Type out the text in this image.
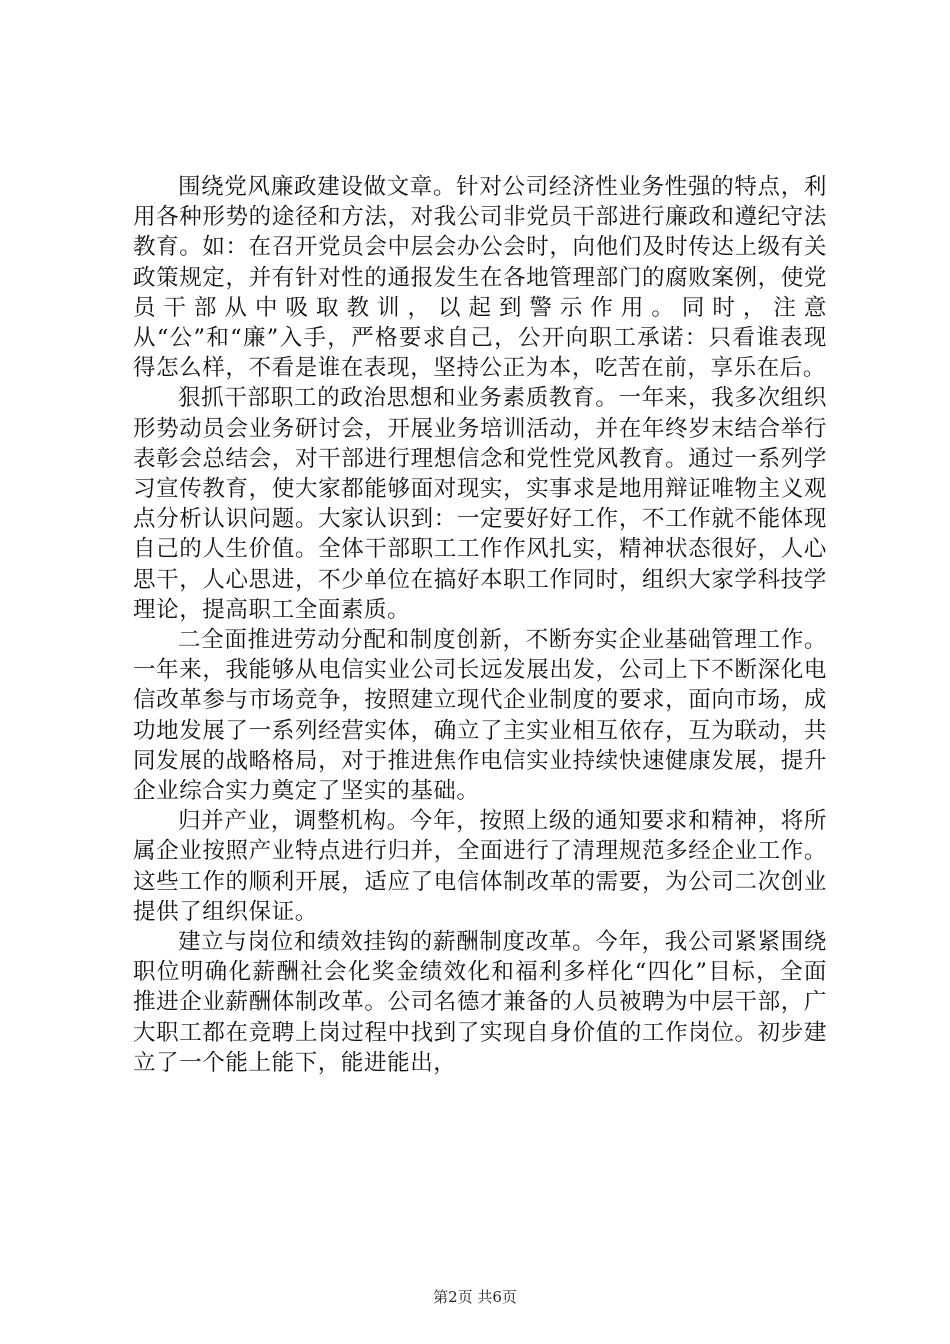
围绕党风廉政建设做文章。针对公司经济性业务性强的特点，利用各种形势的途径和方法，对我公司非党员干部进行廉政和遵纪守法教育。如：在召开党员会中层会办公会时，向他们及时传达上级有关政策规定，并有针对性的通报发生在各地管理部门的腐败案例，使党员干部从中吸取教训，以起到警示作用。同时，注意从“公”和“廉”入手，严格要求自己，公开向职工承诺：只看谁表现得怎么样，不看是谁在表现，坚持公正为本，吃苦在前，享乐在后。

狠抓干部职工的政治思想和业务素质教育。一年来，我多次组织形势动员会业务研讨会，开展业务培训活动，并在年终岁末结合举行表彰会总结会，对干部进行理想信念和党性党风教育。通过一系列学习宣传教育，使大家都能够面对现实，实事求是地用辩证唯物主义观点分析认识问题。大家认识到：一定要好好工作，不工作就不能体现自己的人生价值。全体干部职工工作作风扎实，精神状态很好，人心思干，人心思进，不少单位在搞好本职工作同时，组织大家学科技学理论，提高职工全面素质。

二全面推进劳动分配和制度创新，不断夯实企业基础管理工作。一年来，我能够从电信实业公司长远发展出发，公司上下不断深化电信改革参与市场竞争，按照建立现代企业制度的要求，面向市场，成功地发展了一系列经营实体，确立了主实业相互依存，互为联动，共同发展的战略格局，对于推进焦作电信实业持续快速健康发展，提升企业综合实力奠定了坚实的基础。

归并产业，调整机构。今年，按照上级的通知要求和精神，将所属企业按照产业特点进行归并，全面进行了清理规范多经企业工作。这些工作的顺利开展，适应了电信体制改革的需要，为公司二次创业提供了组织保证。

建立与岗位和绩效挂钩的薪酬制度改革。今年，我公司紧紧围绕职位明确化薪酬社会化奖金绩效化和福利多样化“四化”目标，全面推进企业薪酬体制改革。公司名德才兼备的人员被聘为中层干部，广大职工都在竞聘上岗过程中找到了实现自身价值的工作岗位。初步建立了一个能上能下，能进能出，

第2页 共6页
